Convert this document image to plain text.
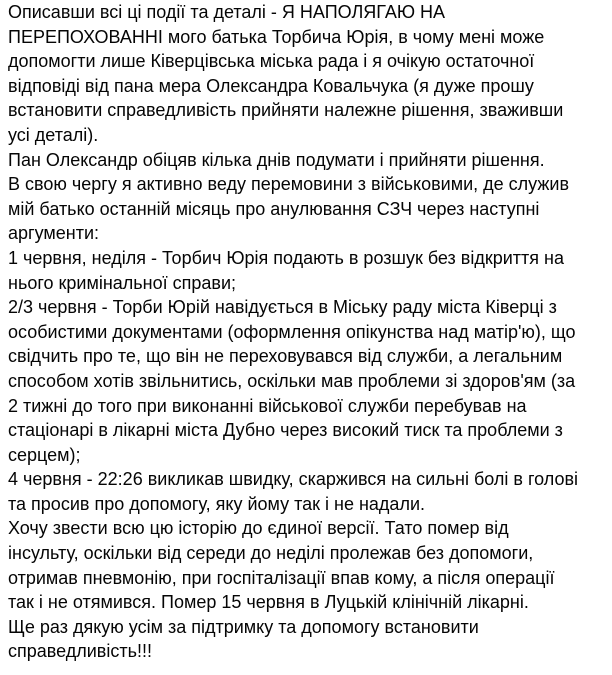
Описавши всі ці події та деталі - Я НАПОЛЯГАЮ НА
ПЕРЕПОХОВАННІ мого батька Торбича Юрія, в чому мені може
допомогти лише Ківерцівська міська рада і я очікую остаточної
відповіді від пана мера Олександра Ковальчука (я дуже прошу
встановити справедливість прийняти належне рішення, зваживши
усі деталі).
Пан Олександр обіцяв кілька днів подумати і прийняти рішення.
В свою чергу я активно веду перемовини з військовими, де служив
мій батько останній місяць про анулювання СЗЧ через наступні
аргументи:
1 червня, неділя - Торбич Юрія подають в розшук без відкриття на
нього кримінальної справи;
2/3 червня - Торби Юрій навідується в Міську раду міста Ківерці з
особистими документами (оформлення опікунства над матір'ю), що
свідчить про те, що він не переховувався від служби, а легальним
способом хотів звільнитись, оскільки мав проблеми зі здоров'ям (за
2 тижні до того при виконанні військової служби перебував на
стаціонарі в лікарні міста Дубно через високий тиск та проблеми з
серцем);
4 червня - 22:26 викликав швидку, скаржився на сильні болі в голові
та просив про допомогу, яку йому так і не надали.
Хочу звести всю цю історію до єдиної версії. Тато помер від
інсульту, оскільки від середи до неділі пролежав без допомоги,
отримав пневмонію, при госпіталізації впав кому, а після операції
так і не отямився. Помер 15 червня в Луцькій клінічній лікарні.
Ще раз дякую усім за підтримку та допомогу встановити
справедливість!!!
